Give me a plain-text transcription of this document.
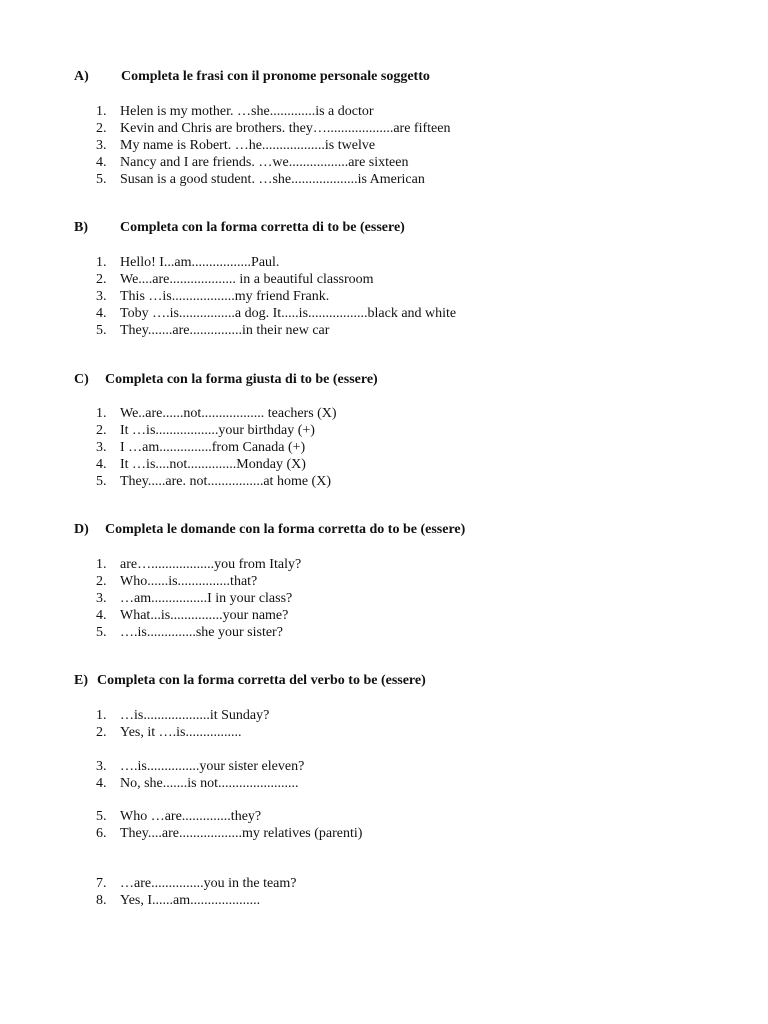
A) Completa le frasi con il pronome personale soggetto
1. Helen is my mother. …she.............is a doctor
2. Kevin and Chris are brothers. they…...................are fifteen
3. My name is Robert. …he..................is twelve
4. Nancy and I are friends. …we.................are sixteen
5. Susan is a good student. …she...................is American
B) Completa con la forma corretta di to be (essere)
1. Hello! I...am.................Paul.
2. We....are................... in a beautiful classroom
3. This …is..................my friend Frank.
4. Toby ….is................a dog. It.....is.................black and white
5. They.......are...............in their new car
C) Completa con la forma giusta di to be (essere)
1. We..are......not.................. teachers (X)
2. It …is..................your birthday (+)
3. I …am...............from Canada (+)
4. It …is....not..............Monday (X)
5. They.....are. not................at home (X)
D) Completa le domande con la forma corretta do to be (essere)
1. are…..................you from Italy?
2. Who......is...............that?
3. …am................I in your class?
4. What...is...............your name?
5. ….is..............she your sister?
E) Completa con la forma corretta del verbo to be (essere)
1. …is...................it Sunday?
2. Yes, it ….is................
3. ….is...............your sister eleven?
4. No, she.......is not.......................
5. Who …are..............they?
6. They....are..................my relatives (parenti)
7. …are...............you in the team?
8. Yes, I......am....................
